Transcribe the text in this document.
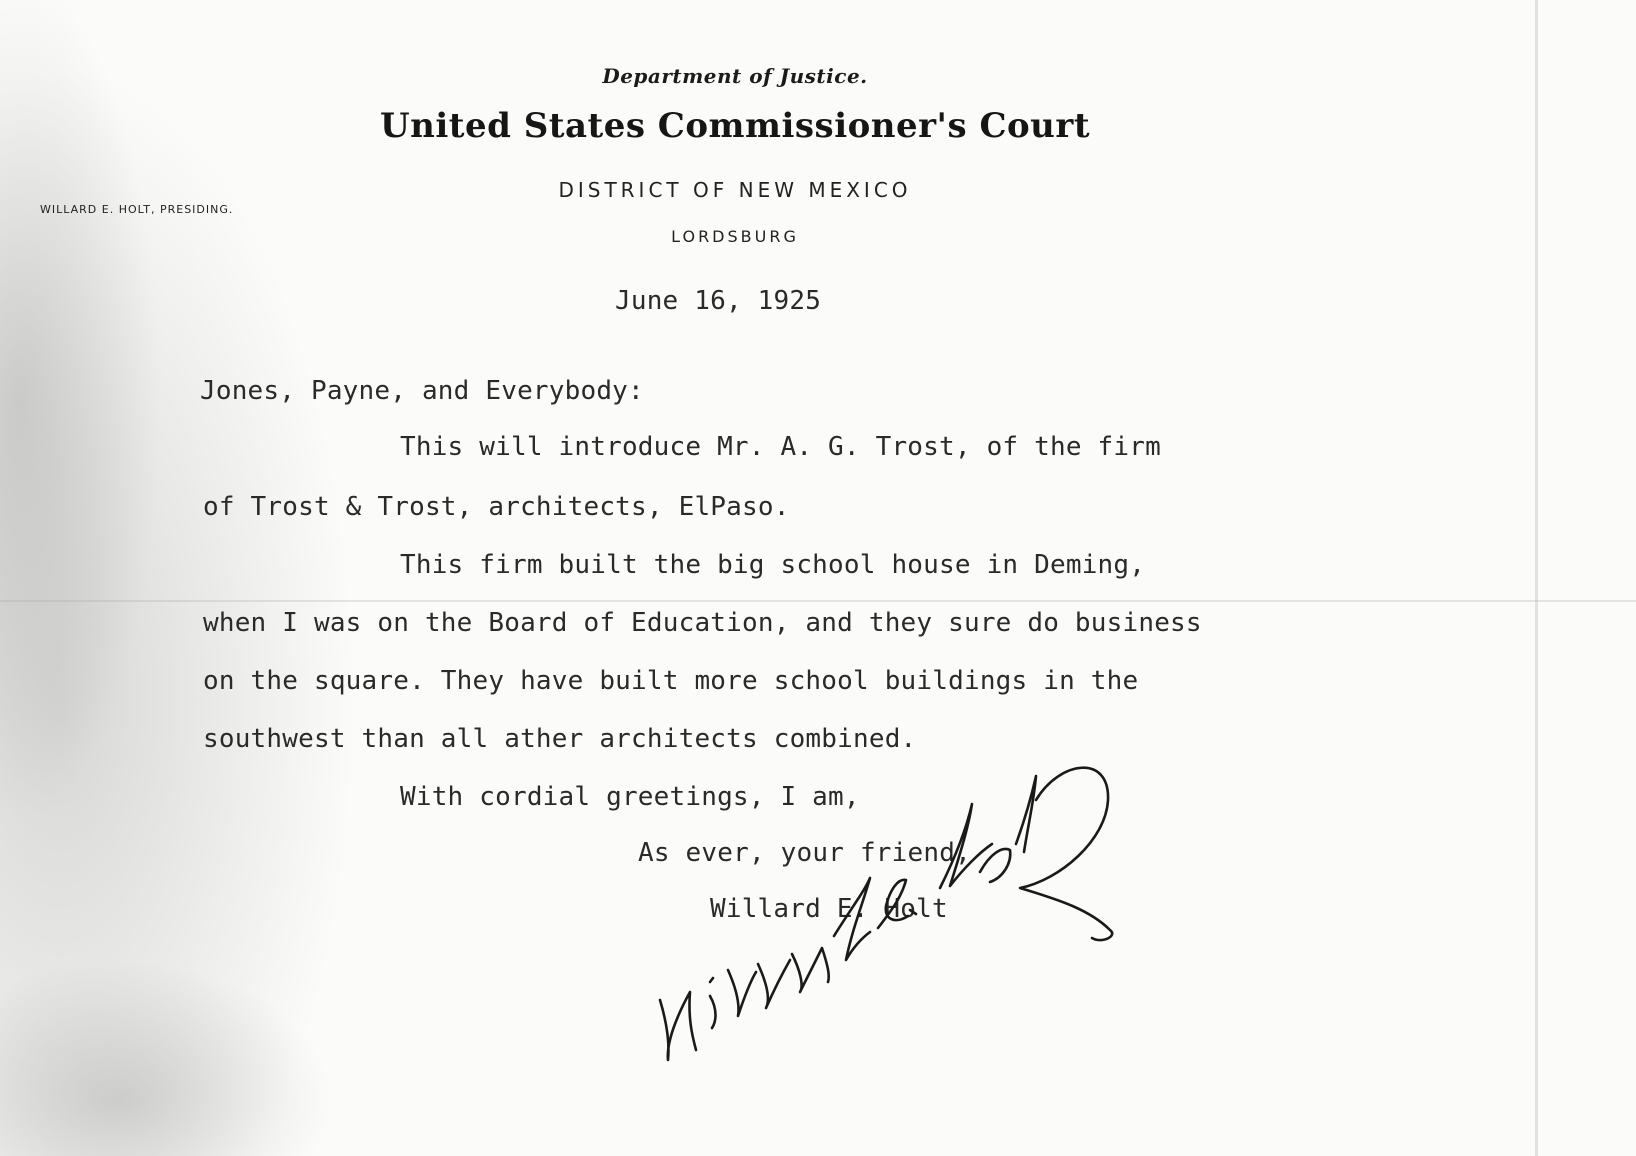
Department of Justice.
United States Commissioner's Court
DISTRICT OF NEW MEXICO
LORDSBURG
WILLARD E. HOLT, PRESIDING.
June 16, 1925
Jones, Payne, and Everybody:
This will introduce Mr. A. G. Trost, of the firm
of Trost & Trost, architects, ElPaso.
This firm built the big school house in Deming,
when I was on the Board of Education, and they sure do business
on the square. They have built more school buildings in the
southwest than all ather architects combined.
With cordial greetings, I am,
As ever, your friend,
Willard E. Holt
